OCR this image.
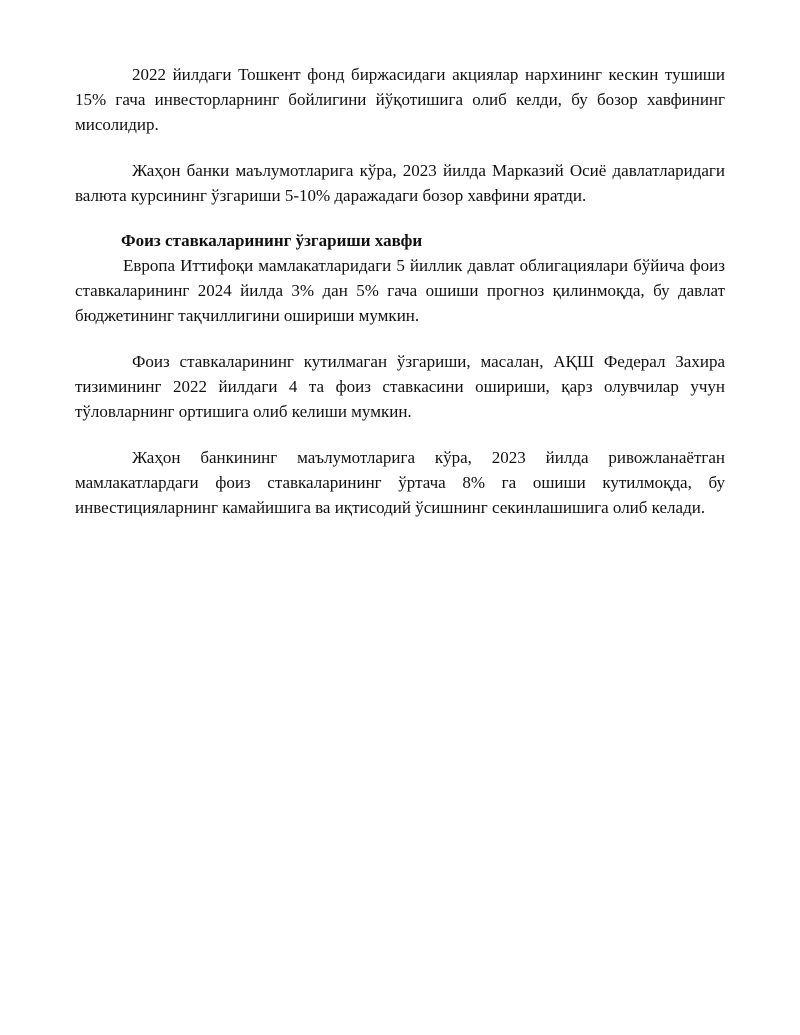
2022 йилдаги Тошкент фонд биржасидаги акциялар нархининг кескин тушиши 15% гача инвесторларнинг бойлигини йўқотишига олиб келди, бу бозор хавфининг мисолидир.

Жаҳон банки маълумотларига кўра, 2023 йилда Марказий Осиё давлатларидаги валюта курсининг ўзгариши 5-10% даражадаги бозор хавфини яратди.

Фоиз ставкаларининг ўзгариши хавфи

Европа Иттифоқи мамлакатларидаги 5 йиллик давлат облигациялари бўйича фоиз ставкаларининг 2024 йилда 3% дан 5% гача ошиши прогноз қилинмоқда, бу давлат бюджетининг тақчиллигини ошириши мумкин.

Фоиз ставкаларининг кутилмаган ўзгариши, масалан, АҚШ Федерал Захира тизимининг 2022 йилдаги 4 та фоиз ставкасини ошириши, қарз олувчилар учун тўловларнинг ортишига олиб келиши мумкин.

Жаҳон банкининг маълумотларига кўра, 2023 йилда ривожланаётган мамлакатлардаги фоиз ставкаларининг ўртача 8% га ошиши кутилмоқда, бу инвестицияларнинг камайишига ва иқтисодий ўсишнинг секинлашишига олиб келади.
